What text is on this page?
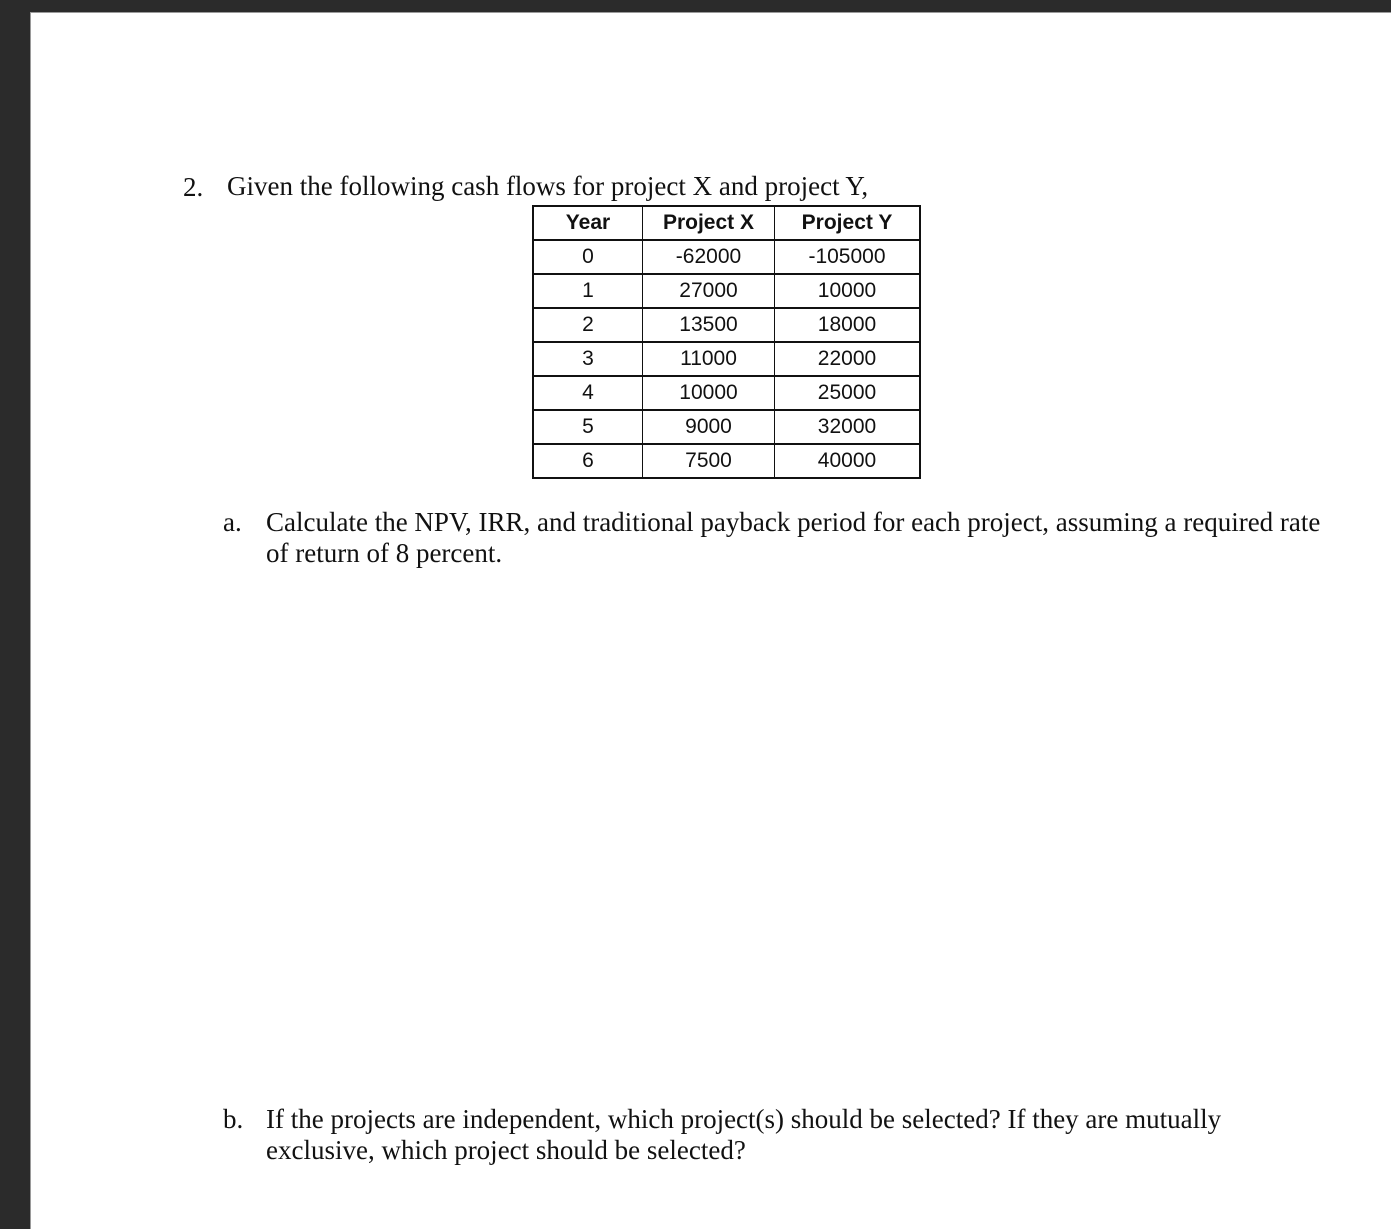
2. Given the following cash flows for project X and project Y,
Year	Project X	Project Y
0	-62000	-105000
1	27000	10000
2	13500	18000
3	11000	22000
4	10000	25000
5	9000	32000
6	7500	40000
a. Calculate the NPV, IRR, and traditional payback period for each project, assuming a required rate of return of 8 percent.
b. If the projects are independent, which project(s) should be selected? If they are mutually exclusive, which project should be selected?
